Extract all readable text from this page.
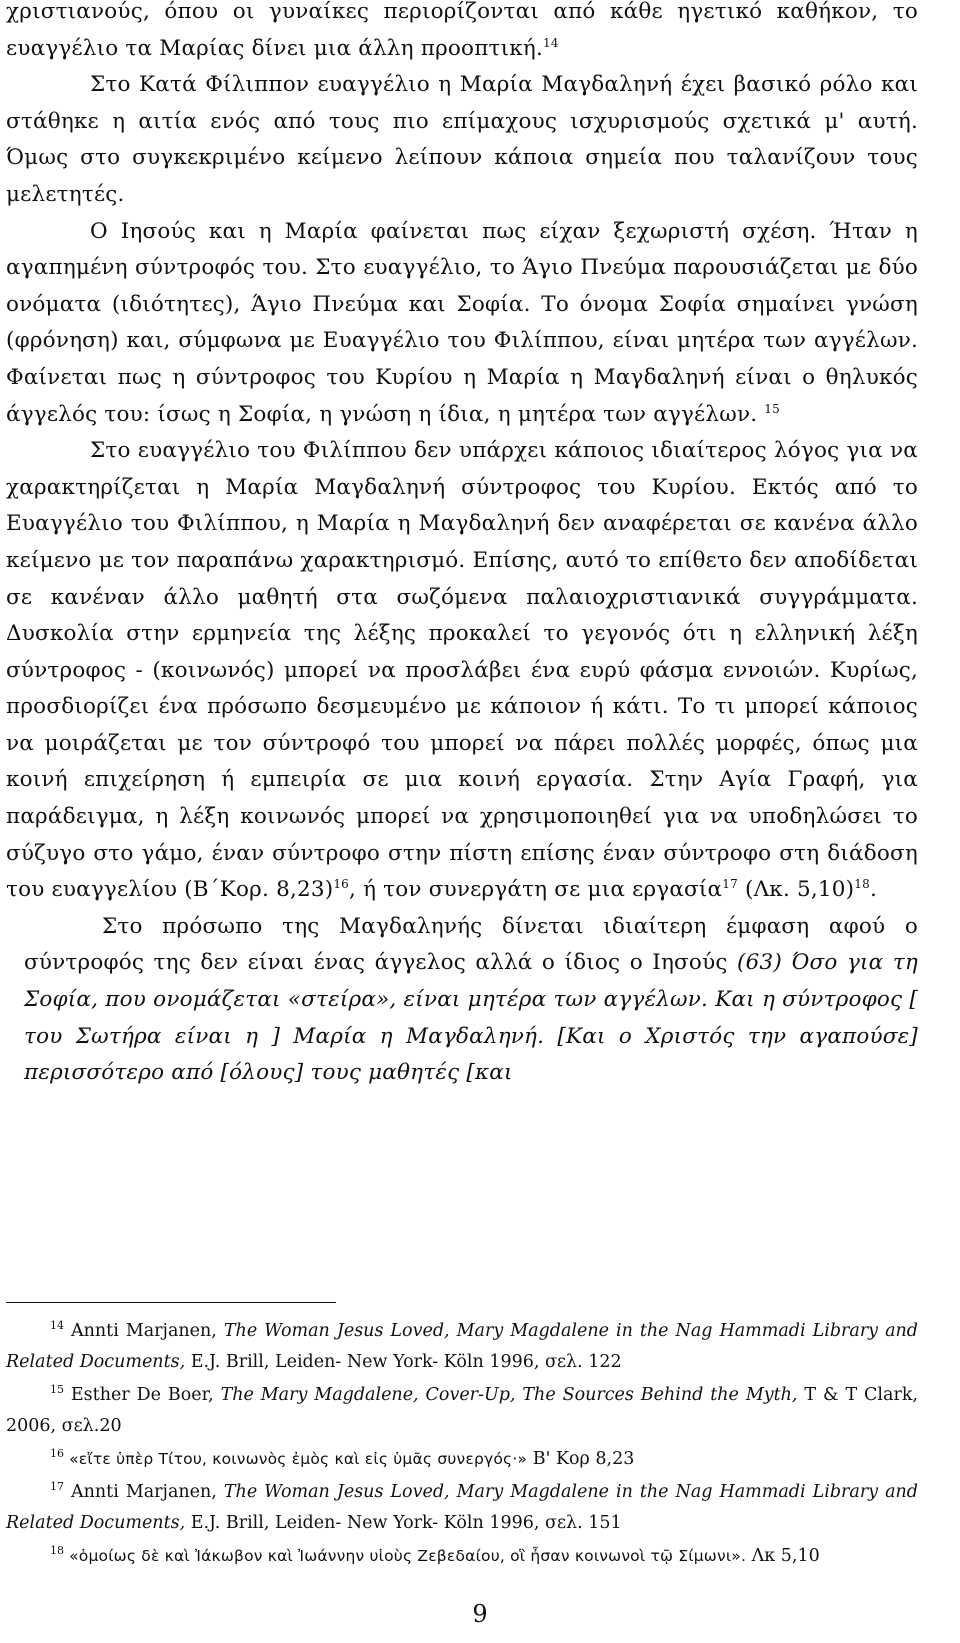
χριστιανούς, όπου οι γυναίκες περιορίζονται από κάθε ηγετικό καθήκον, το ευαγγέλιο τα Μαρίας δίνει μια άλλη προοπτική.$^{14}$

Στο Κατά Φίλιππον ευαγγέλιο η Μαρία Μαγδαληνή έχει βασικό ρόλο και στάθηκε η αιτία ενός από τους πιο επίμαχους ισχυρισμούς σχετικά μ' αυτή. Όμως στο συγκεκριμένο κείμενο λείπουν κάποια σημεία που ταλανίζουν τους μελετητές.

Ο Ιησούς και η Μαρία φαίνεται πως είχαν ξεχωριστή σχέση. Ήταν η αγαπημένη σύντροφός του. Στο ευαγγέλιο, το Άγιο Πνεύμα παρουσιάζεται με δύο ονόματα (ιδιότητες), Άγιο Πνεύμα και Σοφία. Το όνομα Σοφία σημαίνει γνώση (φρόνηση) και, σύμφωνα με Ευαγγέλιο του Φιλίππου, είναι μητέρα των αγγέλων. Φαίνεται πως η σύντροφος του Κυρίου η Μαρία η Μαγδαληνή είναι ο θηλυκός άγγελός του: ίσως η Σοφία, η γνώση η ίδια, η μητέρα των αγγέλων. $^{15}$

Στο ευαγγέλιο του Φιλίππου δεν υπάρχει κάποιος ιδιαίτερος λόγος για να χαρακτηρίζεται η Μαρία Μαγδαληνή σύντροφος του Κυρίου. Εκτός από το Ευαγγέλιο του Φιλίππου, η Μαρία η Μαγδαληνή δεν αναφέρεται σε κανένα άλλο κείμενο με τον παραπάνω χαρακτηρισμό. Επίσης, αυτό το επίθετο δεν αποδίδεται σε κανέναν άλλο μαθητή στα σωζόμενα παλαιοχριστιανικά συγγράμματα. Δυσκολία στην ερμηνεία της λέξης προκαλεί το γεγονός ότι η ελληνική λέξη σύντροφος - (κοινωνός) μπορεί να προσλάβει ένα ευρύ φάσμα εννοιών. Κυρίως, προσδιορίζει ένα πρόσωπο δεσμευμένο με κάποιον ή κάτι. Το τι μπορεί κάποιος να μοιράζεται με τον σύντροφό του μπορεί να πάρει πολλές μορφές, όπως μια κοινή επιχείρηση ή εμπειρία σε μια κοινή εργασία. Στην Αγία Γραφή, για παράδειγμα, η λέξη κοινωνός μπορεί να χρησιμοποιηθεί για να υποδηλώσει το σύζυγο στο γάμο, έναν σύντροφο στην πίστη επίσης έναν σύντροφο στη διάδοση του ευαγγελίου (Β΄Κορ. 8,23)$^{16}$, ή τον συνεργάτη σε μια εργασία$^{17}$ (Λκ. 5,10)$^{18}$.

Στο πρόσωπο της Μαγδαληνής δίνεται ιδιαίτερη έμφαση αφού ο σύντροφός της δεν είναι ένας άγγελος αλλά ο ίδιος ο Ιησούς (63) Όσο για τη Σοφία, που ονομάζεται «στείρα», είναι μητέρα των αγγέλων. Και η σύντροφος [ του Σωτήρα είναι η ] Μαρία η Μαγδαληνή. [Και ο Χριστός την αγαπούσε] περισσότερο από [όλους] τους μαθητές [και

$^{14}$ Annti Marjanen, The Woman Jesus Loved, Mary Magdalene in the Nag Hammadi Library and Related Documents, E.J. Brill, Leiden- New York- Köln 1996, σελ. 122

$^{15}$ Esther De Boer, The Mary Magdalene, Cover-Up, The Sources Behind the Myth, T & T Clark, 2006, σελ.20

$^{16}$ «εἴτε ὑπὲρ Τίτου, κοινωνὸς ἐμὸς καὶ εἰς ὑμᾶς συνεργός·» Β' Κορ 8,23

$^{17}$ Annti Marjanen, The Woman Jesus Loved, Mary Magdalene in the Nag Hammadi Library and Related Documents, E.J. Brill, Leiden- New York- Köln 1996, σελ. 151

$^{18}$ «ὁμοίως δὲ καὶ Ἰάκωβον καὶ Ἰωάννην υἱοὺς Ζεβεδαίου, οἳ ἦσαν κοινωνοὶ τῷ Σίμωνι». Λκ 5,10

9
